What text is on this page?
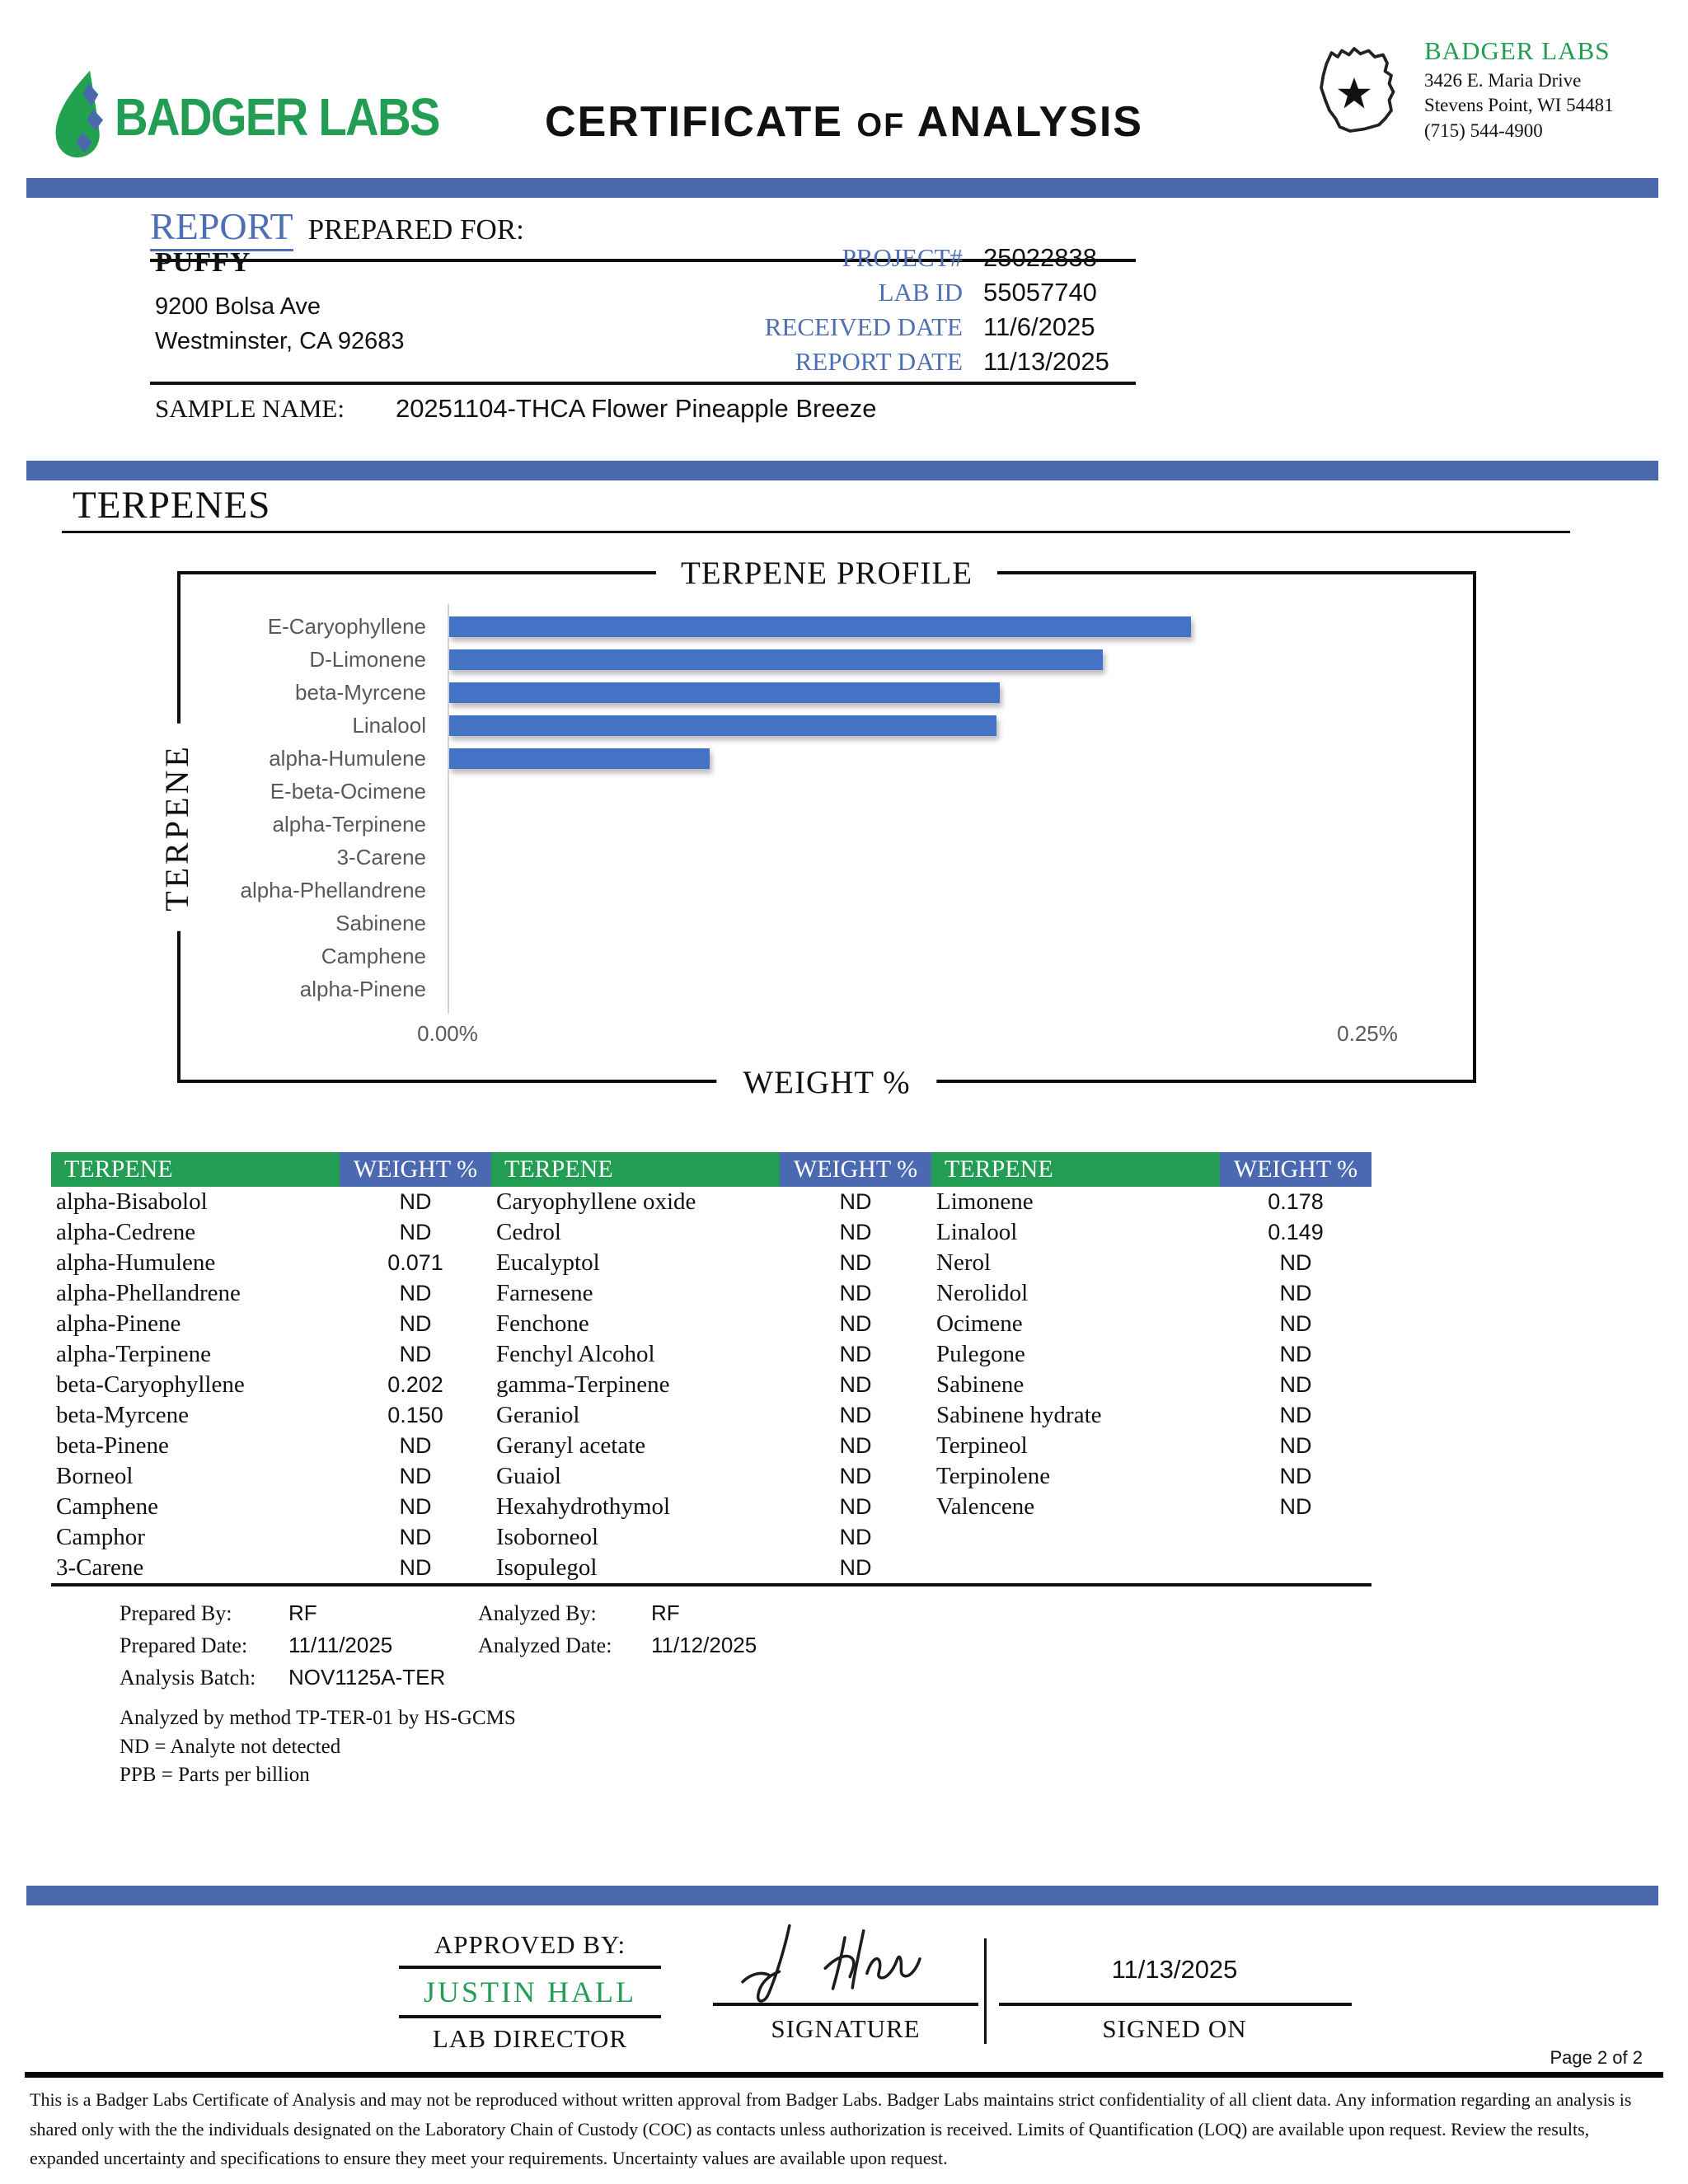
BADGER LABS CERTIFICATE OF ANALYSIS
BADGER LABS
3426 E. Maria Drive
Stevens Point, WI 54481
(715) 544-4900
REPORT PREPARED FOR:
PUFFY
9200 Bolsa Ave
Westminster, CA 92683
PROJECT# 25022838
LAB ID 55057740
RECEIVED DATE 11/6/2025
REPORT DATE 11/13/2025
SAMPLE NAME: 20251104-THCA Flower Pineapple Breeze
TERPENES
TERPENE PROFILE
E-Caryophyllene
D-Limonene
beta-Myrcene
Linalool
alpha-Humulene
E-beta-Ocimene
alpha-Terpinene
3-Carene
alpha-Phellandrene
Sabinene
Camphene
alpha-Pinene
0.00%	0.25%
TERPENE
WEIGHT %
TERPENE	WEIGHT %
alpha-Bisabolol	ND
alpha-Cedrene	ND
alpha-Humulene	0.071
alpha-Phellandrene	ND
alpha-Pinene	ND
alpha-Terpinene	ND
beta-Caryophyllene	0.202
beta-Myrcene	0.150
beta-Pinene	ND
Borneol	ND
Camphene	ND
Camphor	ND
3-Carene	ND
TERPENE	WEIGHT %
Caryophyllene oxide	ND
Cedrol	ND
Eucalyptol	ND
Farnesene	ND
Fenchone	ND
Fenchyl Alcohol	ND
gamma-Terpinene	ND
Geraniol	ND
Geranyl acetate	ND
Guaiol	ND
Hexahydrothymol	ND
Isoborneol	ND
Isopulegol	ND
TERPENE	WEIGHT %
Limonene	0.178
Linalool	0.149
Nerol	ND
Nerolidol	ND
Ocimene	ND
Pulegone	ND
Sabinene	ND
Sabinene hydrate	ND
Terpineol	ND
Terpinolene	ND
Valencene	ND
Prepared By:	RF	Analyzed By:	RF
Prepared Date:	11/11/2025	Analyzed Date:	11/12/2025
Analysis Batch:	NOV1125A-TER
Analyzed by method TP-TER-01 by HS-GCMS
ND = Analyte not detected
PPB = Parts per billion
APPROVED BY:
JUSTIN HALL
LAB DIRECTOR	SIGNATURE
11/13/2025
SIGNED ON
Page 2 of 2
This is a Badger Labs Certificate of Analysis and may not be reproduced without written approval from Badger Labs. Badger Labs maintains strict confidentiality of all client data. Any information regarding an analysis is shared only with the the individuals designated on the Laboratory Chain of Custody (COC) as contacts unless authorization is received. Limits of Quantification (LOQ) are available upon request. Review the results, expanded uncertainty and specifications to ensure they meet your requirements. Uncertainty values are available upon request.
